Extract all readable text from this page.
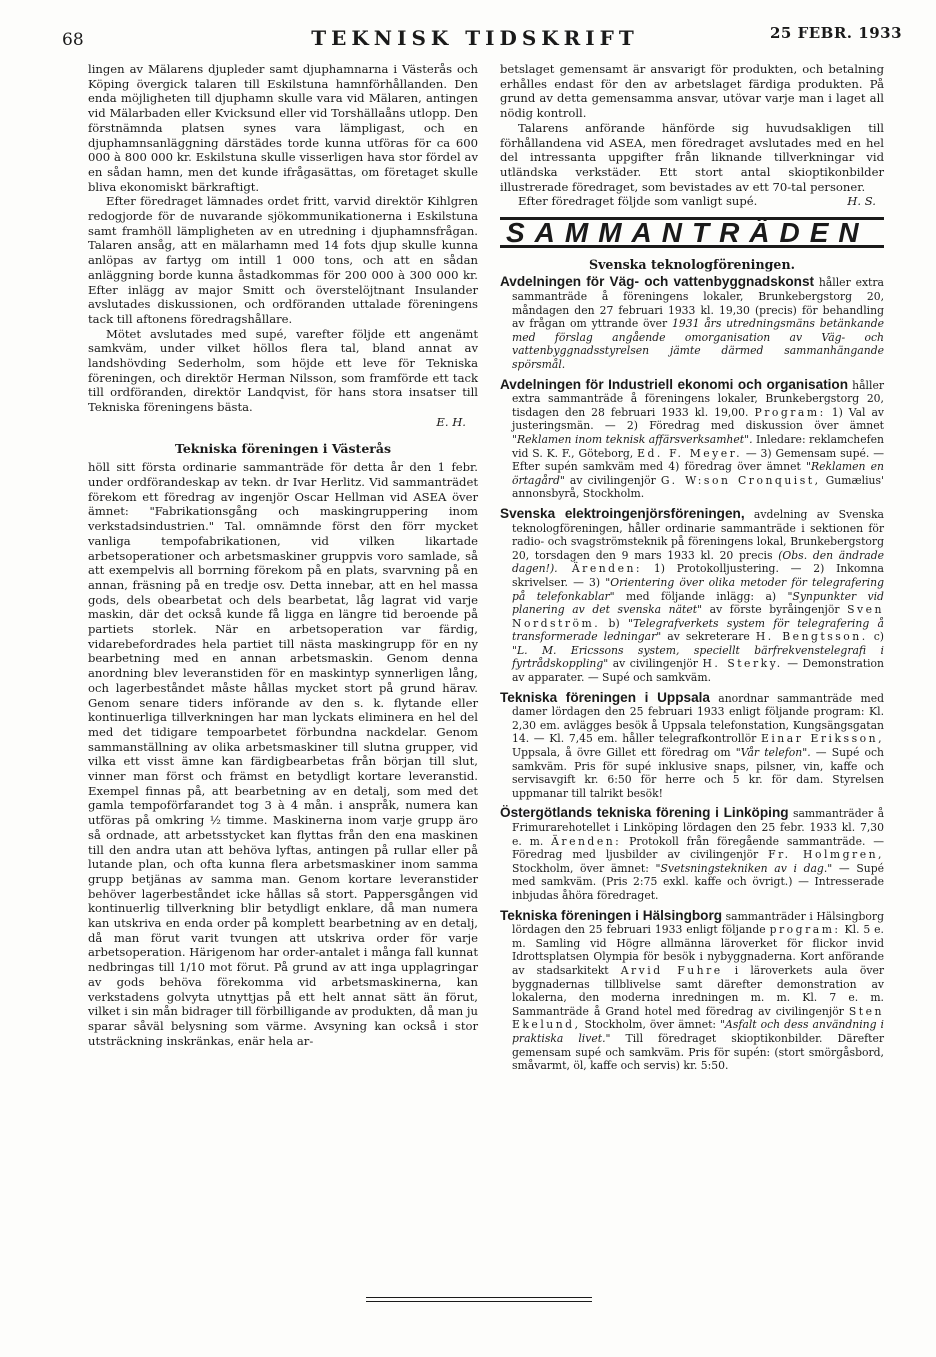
68	TEKNISK TIDSKRIFT	25 FEBR. 1933

lingen av Mälarens djupleder samt djuphamnarna i Västerås och Köping övergick talaren till Eskilstuna hamnförhållanden. Den enda möjligheten till djuphamn skulle vara vid Mälaren, antingen vid Mälarbaden eller Kvicksund eller vid Torshällaåns utlopp. Den förstnämnda platsen synes vara lämpligast, och en djuphamnsanläggning därstädes torde kunna utföras för ca 600 000 à 800 000 kr. Eskilstuna skulle visserligen hava stor fördel av en sådan hamn, men det kunde ifrågasättas, om företaget skulle bliva ekonomiskt bärkraftigt.

Efter föredraget lämnades ordet fritt, varvid direktör Kihlgren redogjorde för de nuvarande sjökommunikationerna i Eskilstuna samt framhöll lämpligheten av en utredning i djuphamnsfrågan. Talaren ansåg, att en mälarhamn med 14 fots djup skulle kunna anlöpas av fartyg om intill 1 000 tons, och att en sådan anläggning borde kunna åstadkommas för 200 000 à 300 000 kr. Efter inlägg av major Smitt och överstelöjtnant Insulander avslutades diskussionen, och ordföranden uttalade föreningens tack till aftonens föredragshållare.

Mötet avslutades med supé, varefter följde ett angenämt samkväm, under vilket höllos flera tal, bland annat av landshövding Sederholm, som höjde ett leve för Tekniska föreningen, och direktör Herman Nilsson, som framförde ett tack till ordföranden, direktör Landqvist, för hans stora insatser till Tekniska föreningens bästa.

E. H.
Tekniska föreningen i Västerås

höll sitt första ordinarie sammanträde för detta år den 1 febr. under ordförandeskap av tekn. dr Ivar Herlitz. Vid sammanträdet förekom ett föredrag av ingenjör Oscar Hellman vid ASEA över ämnet: "Fabrikationsgång och maskingruppering inom verkstadsindustrien." Tal. omnämnde först den förr mycket vanliga tempofabrikationen, vid vilken likartade arbetsoperationer och arbetsmaskiner gruppvis voro samlade, så att exempelvis all borrning förekom på en plats, svarvning på en annan, fräsning på en tredje osv. Detta innebar, att en hel massa gods, dels obearbetat och dels bearbetat, låg lagrat vid varje maskin, där det också kunde få ligga en längre tid beroende på partiets storlek. När en arbetsoperation var färdig, vidarebefordrades hela partiet till nästa maskingrupp för en ny bearbetning med en annan arbetsmaskin. Genom denna anordning blev leveranstiden för en maskintyp synnerligen lång, och lagerbeståndet måste hållas mycket stort på grund härav. Genom senare tiders införande av den s. k. flytande eller kontinuerliga tillverkningen har man lyckats eliminera en hel del med det tidigare tempoarbetet förbundna nackdelar. Genom sammanställning av olika arbetsmaskiner till slutna grupper, vid vilka ett visst ämne kan färdigbearbetas från början till slut, vinner man först och främst en betydligt kortare leveranstid. Exempel finnas på, att bearbetning av en detalj, som med det gamla tempoförfarandet tog 3 à 4 mån. i anspråk, numera kan utföras på omkring ½ timme. Maskinerna inom varje grupp äro så ordnade, att arbetsstycket kan flyttas från den ena maskinen till den andra utan att behöva lyftas, antingen på rullar eller på lutande plan, och ofta kunna flera arbetsmaskiner inom samma grupp betjänas av samma man. Genom kortare leveranstider behöver lagerbeståndet icke hållas så stort. Pappersgången vid kontinuerlig tillverkning blir betydligt enklare, då man numera kan utskriva en enda order på komplett bearbetning av en detalj, då man förut varit tvungen att utskriva order för varje arbetsoperation. Härigenom har order-antalet i många fall kunnat nedbringas till 1/10 mot förut. På grund av att inga upplagringar av gods behöva förekomma vid arbetsmaskinerna, kan verkstadens golvyta utnyttjas på ett helt annat sätt än förut, vilket i sin mån bidrager till förbilligande av produkten, då man ju sparar såväl belysning som värme. Avsyning kan också i stor utsträckning inskränkas, enär hela ar-

betslaget gemensamt är ansvarigt för produkten, och betalning erhålles endast för den av arbetslaget färdiga produkten. På grund av detta gemensamma ansvar, utövar varje man i laget all nödig kontroll.

Talarens anförande hänförde sig huvudsakligen till förhållandena vid ASEA, men föredraget avslutades med en hel del intressanta uppgifter från liknande tillverkningar vid utländska verkstäder. Ett stort antal skioptikonbilder illustrerade föredraget, som bevistades av ett 70-tal personer.

Efter föredraget följde som vanligt supé.	H. S.

SAMMANTRÄDEN
Svenska teknologföreningen.
Avdelningen för Väg- och vattenbyggnadskonst håller extra sammanträde å föreningens lokaler, Brunkebergstorg 20, måndagen den 27 februari 1933 kl. 19,30 (precis) för behandling av frågan om yttrande över 1931 års utredningsmäns betänkande med förslag angående omorganisation av Väg- och vattenbyggnadsstyrelsen jämte därmed sammanhängande spörsmål.
Avdelningen för Industriell ekonomi och organisation håller extra sammanträde å föreningens lokaler, Brunkebergstorg 20, tisdagen den 28 februari 1933 kl. 19,00. Program: 1) Val av justeringsmän. — 2) Föredrag med diskussion över ämnet "Reklamen inom teknisk affärsverksamhet". Inledare: reklamchefen vid S. K. F., Göteborg, Ed. F. Meyer. — 3) Gemensam supé. — Efter supén samkväm med 4) föredrag över ämnet "Reklamen en örtagård" av civilingenjör G. W:son Cronquist, Gumælius' annonsbyrå, Stockholm.
Svenska elektroingenjörsföreningen, avdelning av Svenska teknologföreningen, håller ordinarie sammanträde i sektionen för radio- och svagströmsteknik på föreningens lokal, Brunkebergstorg 20, torsdagen den 9 mars 1933 kl. 20 precis (Obs. den ändrade dagen!). Ärenden: 1) Protokolljustering. — 2) Inkomna skrivelser. — 3) "Orientering över olika metoder för telegrafering på telefonkablar" med följande inlägg: a) "Synpunkter vid planering av det svenska nätet" av förste byråingenjör Sven Nordström. b) "Telegrafverkets system för telegrafering å transformerade ledningar" av sekreterare H. Bengtsson. c) "L. M. Ericssons system, speciellt bärfrekvenstelegrafi i fyrtrådskoppling" av civilingenjör H. Sterky. — Demonstration av apparater. — Supé och samkväm.
Tekniska föreningen i Uppsala anordnar sammanträde med damer lördagen den 25 februari 1933 enligt följande program: Kl. 2,30 em. avlägges besök å Uppsala telefonstation, Kungsängsgatan 14. — Kl. 7,45 em. håller telegrafkontrollör Einar Eriksson, Uppsala, å övre Gillet ett föredrag om "Vår telefon". — Supé och samkväm. Pris för supé inklusive snaps, pilsner, vin, kaffe och servisavgift kr. 6:50 för herre och 5 kr. för dam. Styrelsen uppmanar till talrikt besök!
Östergötlands tekniska förening i Linköping sammanträder å Frimurarehotellet i Linköping lördagen den 25 febr. 1933 kl. 7,30 e. m. Ärenden: Protokoll från föregående sammanträde. — Föredrag med ljusbilder av civilingenjör Fr. Holmgren, Stockholm, över ämnet: "Svetsningstekniken av i dag." — Supé med samkväm. (Pris 2:75 exkl. kaffe och övrigt.) — Intresserade inbjudas åhöra föredraget.
Tekniska föreningen i Hälsingborg sammanträder i Hälsingborg lördagen den 25 februari 1933 enligt följande program: Kl. 5 e. m. Samling vid Högre allmänna läroverket för flickor invid Idrottsplatsen Olympia för besök i nybyggnaderna. Kort anförande av stadsarkitekt Arvid Fuhre i läroverkets aula över byggnadernas tillblivelse samt därefter demonstration av lokalerna, den moderna inredningen m. m. Kl. 7 e. m. Sammanträde å Grand hotel med föredrag av civilingenjör Sten Ekelund, Stockholm, över ämnet: "Asfalt och dess användning i praktiska livet." Till föredraget skioptikonbilder. Därefter gemensam supé och samkväm. Pris för supén: (stort smörgåsbord, småvarmt, öl, kaffe och servis) kr. 5:50.
